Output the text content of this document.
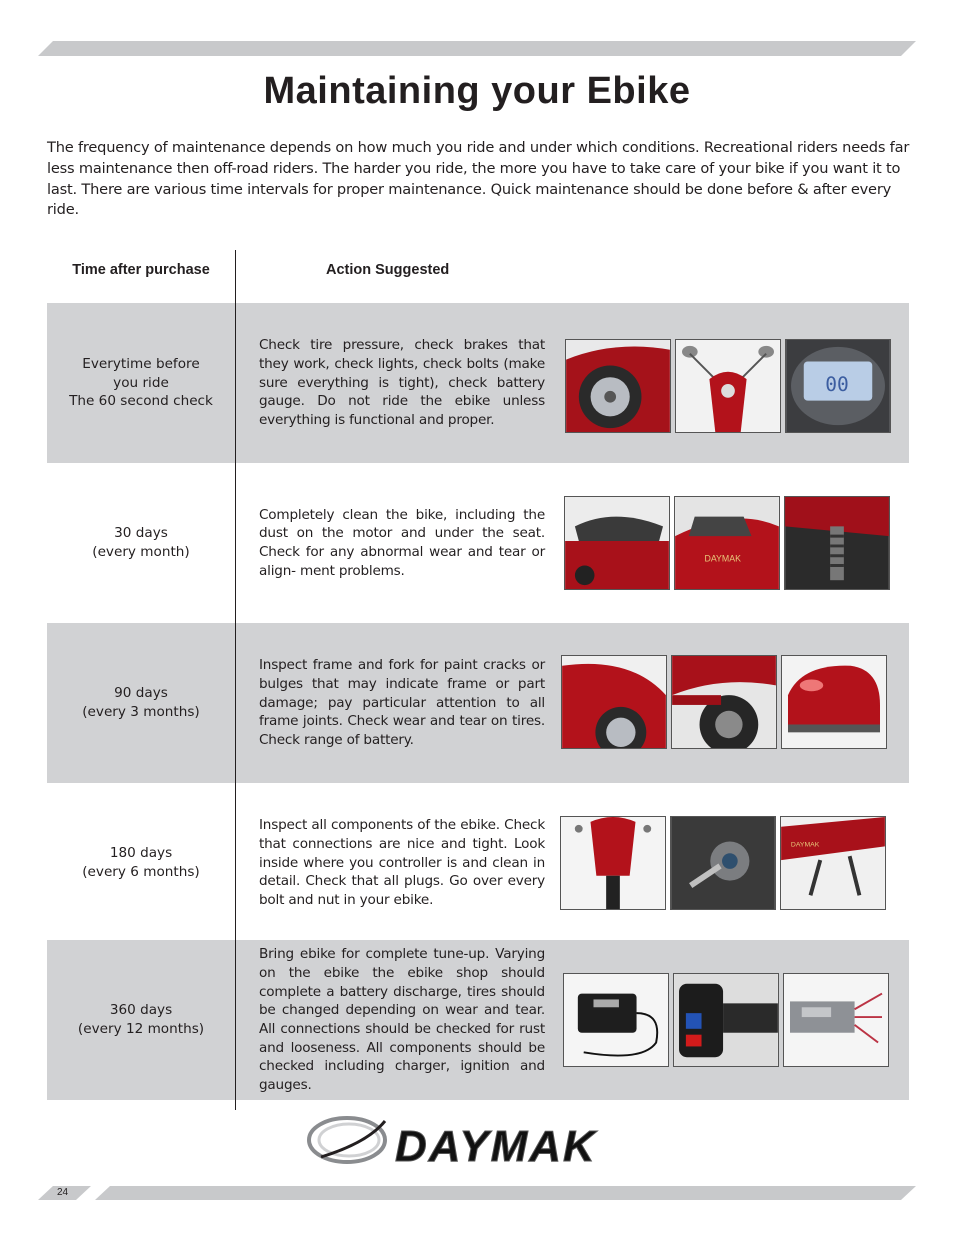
Maintaining your Ebike

The frequency of maintenance depends on how much you ride and under which conditions. Recreational riders needs far less maintenance then off-road riders. The harder you ride, the more you have to take care of your bike if you want it to last. There are various time intervals for proper maintenance. Quick maintenance should be done before & after every ride.

Time after purchase	Action Suggested
Everytime before
you ride
The 60 second check

Check tire pressure, check brakes that they work, check lights, check bolts (make sure everything is tight), check battery gauge. Do not ride the ebike unless everything is functional and proper.

00
30 days
(every month)

Completely clean the bike, including the dust on the motor and under the seat. Check for any abnormal wear and tear or align- ment problems.

DAYMAK
90 days
(every 3 months)

Inspect frame and fork for paint cracks or bulges that may indicate frame or part damage; pay particular attention to all frame joints. Check wear and tear on tires. Check range of battery.

180 days
(every 6 months)

Inspect all components of the ebike. Check that connections are nice and tight. Look inside where you controller is and clean in detail. Check that all plugs. Go over every bolt and nut in your ebike.

DAYMAK
360 days
(every 12 months)

Bring ebike for complete tune-up. Varying on the ebike the ebike shop should complete a battery discharge, tires should be changed depending on wear and tear. All connections should be checked for rust and looseness. All components should be checked including charger, ignition and gauges.

DAYMAK
24
